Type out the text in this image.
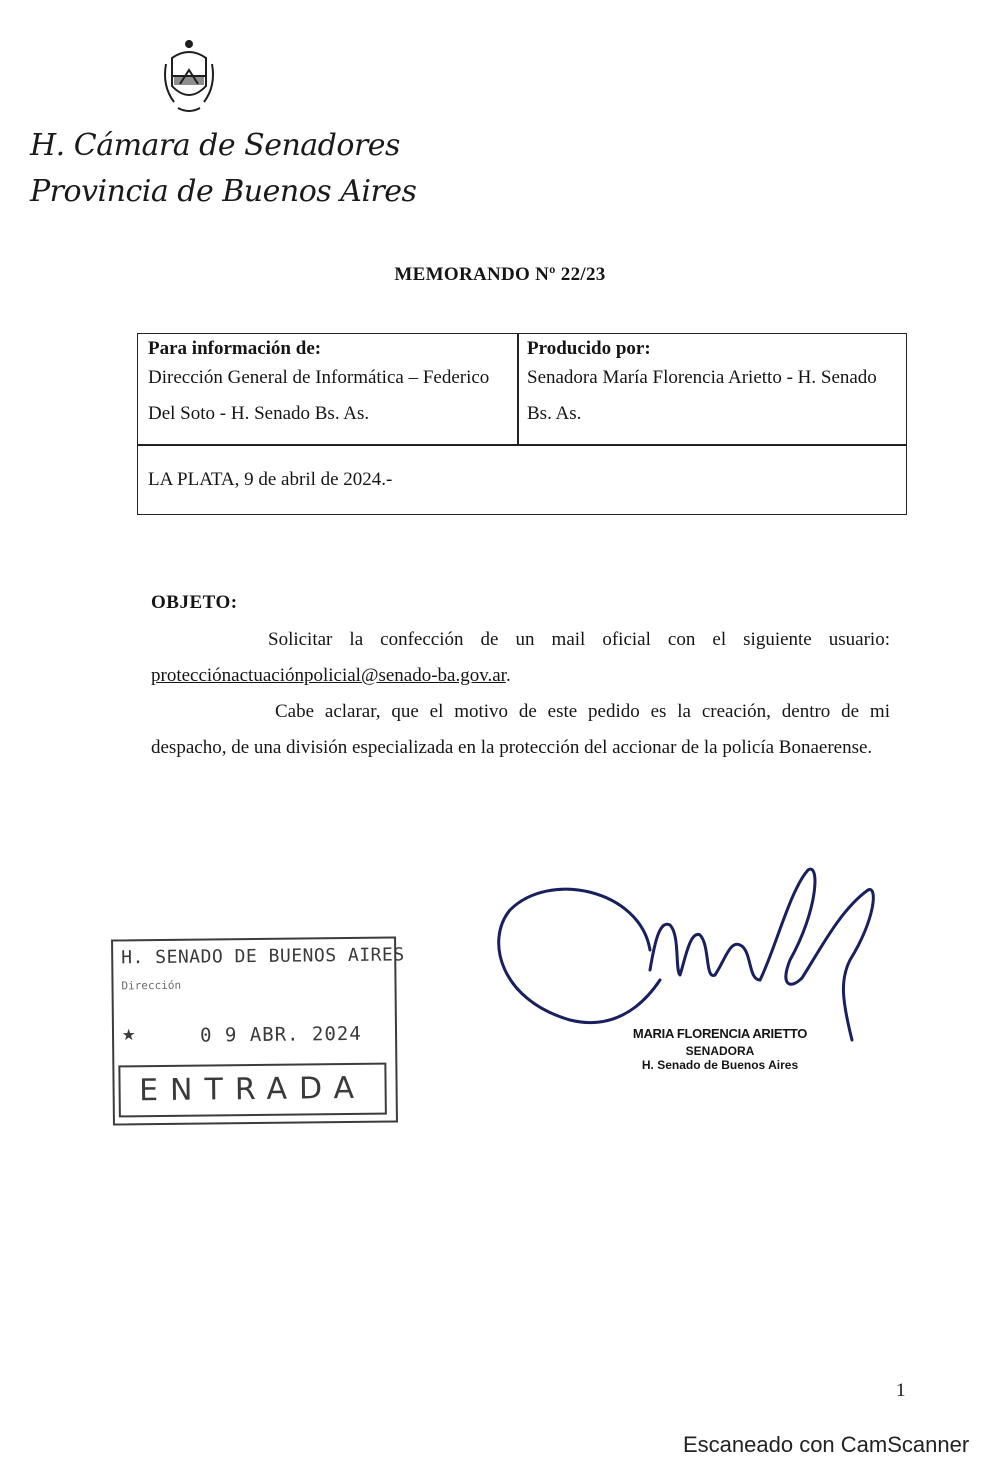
H. Cámara de Senadores
Provincia de Buenos Aires
MEMORANDO Nº 22/23
Para información de:
Dirección General de Informática – Federico Del Soto - H. Senado Bs. As.
Producido por:
Senadora María Florencia Arietto - H. Senado Bs. As.
LA PLATA, 9 de abril de 2024.-
OBJETO:
Solicitar la confección de un mail oficial con el siguiente usuario: protecciónactuaciónpolicial@senado-ba.gov.ar.
Cabe aclarar, que el motivo de este pedido es la creación, dentro de mi despacho, de una división especializada en la protección del accionar de la policía Bonaerense.
H. SENADO DE BUENOS AIRES
Dirección
★	0 9 ABR. 2024
ENTRADA
MARIA FLORENCIA ARIETTO
SENADORA
H. Senado de Buenos Aires
1
Escaneado con CamScanner
